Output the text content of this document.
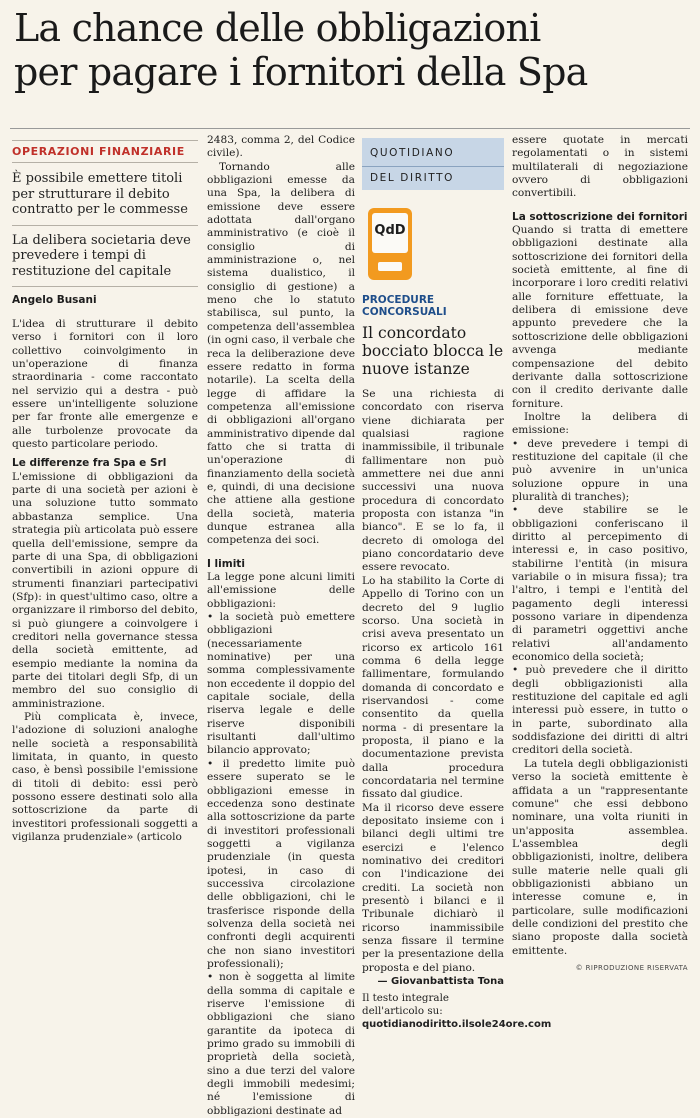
La chance delle obbligazioni
per pagare i fornitori della Spa
OPERAZIONI FINANZIARIE
È possibile emettere titoli per strutturare il debito contratto per le commesse
La delibera societaria deve prevedere i tempi di restituzione del capitale
Angelo Busani

L'idea di strutturare il debito verso i fornitori con il loro collettivo coinvolgimento in un'operazione di finanza straordinaria - come raccontato nel servizio qui a destra - può essere un'intelligente soluzione per far fronte alle emergenze e alle turbolenze provocate da questo particolare periodo.

Le differenze fra Spa e Srl

L'emissione di obbligazioni da parte di una società per azioni è una soluzione tutto sommato abbastanza semplice. Una strategia più articolata può essere quella dell'emissione, sempre da parte di una Spa, di obbligazioni convertibili in azioni oppure di strumenti finanziari partecipativi (Sfp): in quest'ultimo caso, oltre a organizzare il rimborso del debito, si può giungere a coinvolgere i creditori nella governance stessa della società emittente, ad esempio mediante la nomina da parte dei titolari degli Sfp, di un membro del suo consiglio di amministrazione.

Più complicata è, invece, l'adozione di soluzioni analoghe nelle società a responsabilità limitata, in quanto, in questo caso, è bensì possibile l'emissione di titoli di debito: essi però possono essere destinati solo alla sottoscrizione da parte di investitori professionali soggetti a vigilanza prudenziale» (articolo

2483, comma 2, del Codice civile).

Tornando alle obbligazioni emesse da una Spa, la delibera di emissione deve essere adottata dall'organo amministrativo (e cioè il consiglio di amministrazione o, nel sistema dualistico, il consiglio di gestione) a meno che lo statuto stabilisca, sul punto, la competenza dell'assemblea (in ogni caso, il verbale che reca la deliberazione deve essere redatto in forma notarile). La scelta della legge di affidare la competenza all'emissione di obbligazioni all'organo amministrativo dipende dal fatto che si tratta di un'operazione di finanziamento della società e, quindi, di una decisione che attiene alla gestione della società, materia dunque estranea alla competenza dei soci.

I limiti

La legge pone alcuni limiti all'emissione delle obbligazioni:

• la società può emettere obbligazioni (necessariamente nominative) per una somma complessivamente non eccedente il doppio del capitale sociale, della riserva legale e delle riserve disponibili risultanti dall'ultimo bilancio approvato;

• il predetto limite può essere superato se le obbligazioni emesse in eccedenza sono destinate alla sottoscrizione da parte di investitori professionali soggetti a vigilanza prudenziale (in questa ipotesi, in caso di successiva circolazione delle obbligazioni, chi le trasferisce risponde della solvenza della società nei confronti degli acquirenti che non siano investitori professionali);

• non è soggetta al limite della somma di capitale e riserve l'emissione di obbligazioni che siano garantite da ipoteca di primo grado su immobili di proprietà della società, sino a due terzi del valore degli immobili medesimi; né l'emissione di obbligazioni destinate ad

QUOTIDIANO
DEL DIRITTO
QdD
PROCEDURE CONCORSUALI
Il concordato bocciato blocca le nuove istanze

Se una richiesta di concordato con riserva viene dichiarata per qualsiasi ragione inammissibile, il tribunale fallimentare non può ammettere nei due anni successivi una nuova procedura di concordato proposta con istanza "in bianco". E se lo fa, il decreto di omologa del piano concordatario deve essere revocato.

Lo ha stabilito la Corte di Appello di Torino con un decreto del 9 luglio scorso. Una società in crisi aveva presentato un ricorso ex articolo 161 comma 6 della legge fallimentare, formulando domanda di concordato e riservandosi - come consentito da quella norma - di presentare la proposta, il piano e la documentazione prevista dalla procedura concordataria nel termine fissato dal giudice.

Ma il ricorso deve essere depositato insieme con i bilanci degli ultimi tre esercizi e l'elenco nominativo dei creditori con l'indicazione dei crediti. La società non presentò i bilanci e il Tribunale dichiarò il ricorso inammissibile senza fissare il termine per la presentazione della proposta e del piano.

— Giovanbattista Tona

Il testo integrale dell'articolo su:
quotidianodiritto.ilsole24ore.com

essere quotate in mercati regolamentati o in sistemi multilaterali di negoziazione ovvero di obbligazioni convertibili.

La sottoscrizione dei fornitori

Quando si tratta di emettere obbligazioni destinate alla sottoscrizione dei fornitori della società emittente, al fine di incorporare i loro crediti relativi alle forniture effettuate, la delibera di emissione deve appunto prevedere che la sottoscrizione delle obbligazioni avvenga mediante compensazione del debito derivante dalla sottoscrizione con il credito derivante dalle forniture.

Inoltre la delibera di emissione:

• deve prevedere i tempi di restituzione del capitale (il che può avvenire in un'unica soluzione oppure in una pluralità di tranches);

• deve stabilire se le obbligazioni conferiscano il diritto al percepimento di interessi e, in caso positivo, stabilirne l'entità (in misura variabile o in misura fissa); tra l'altro, i tempi e l'entità del pagamento degli interessi possono variare in dipendenza di parametri oggettivi anche relativi all'andamento economico della società;

• può prevedere che il diritto degli obbligazionisti alla restituzione del capitale ed agli interessi può essere, in tutto o in parte, subordinato alla soddisfazione dei diritti di altri creditori della società.

La tutela degli obbligazionisti verso la società emittente è affidata a un "rappresentante comune" che essi debbono nominare, una volta riuniti in un'apposita assemblea. L'assemblea degli obbligazionisti, inoltre, delibera sulle materie nelle quali gli obbligazionisti abbiano un interesse comune e, in particolare, sulle modificazioni delle condizioni del prestito che siano proposte dalla società emittente.

© RIPRODUZIONE RISERVATA
